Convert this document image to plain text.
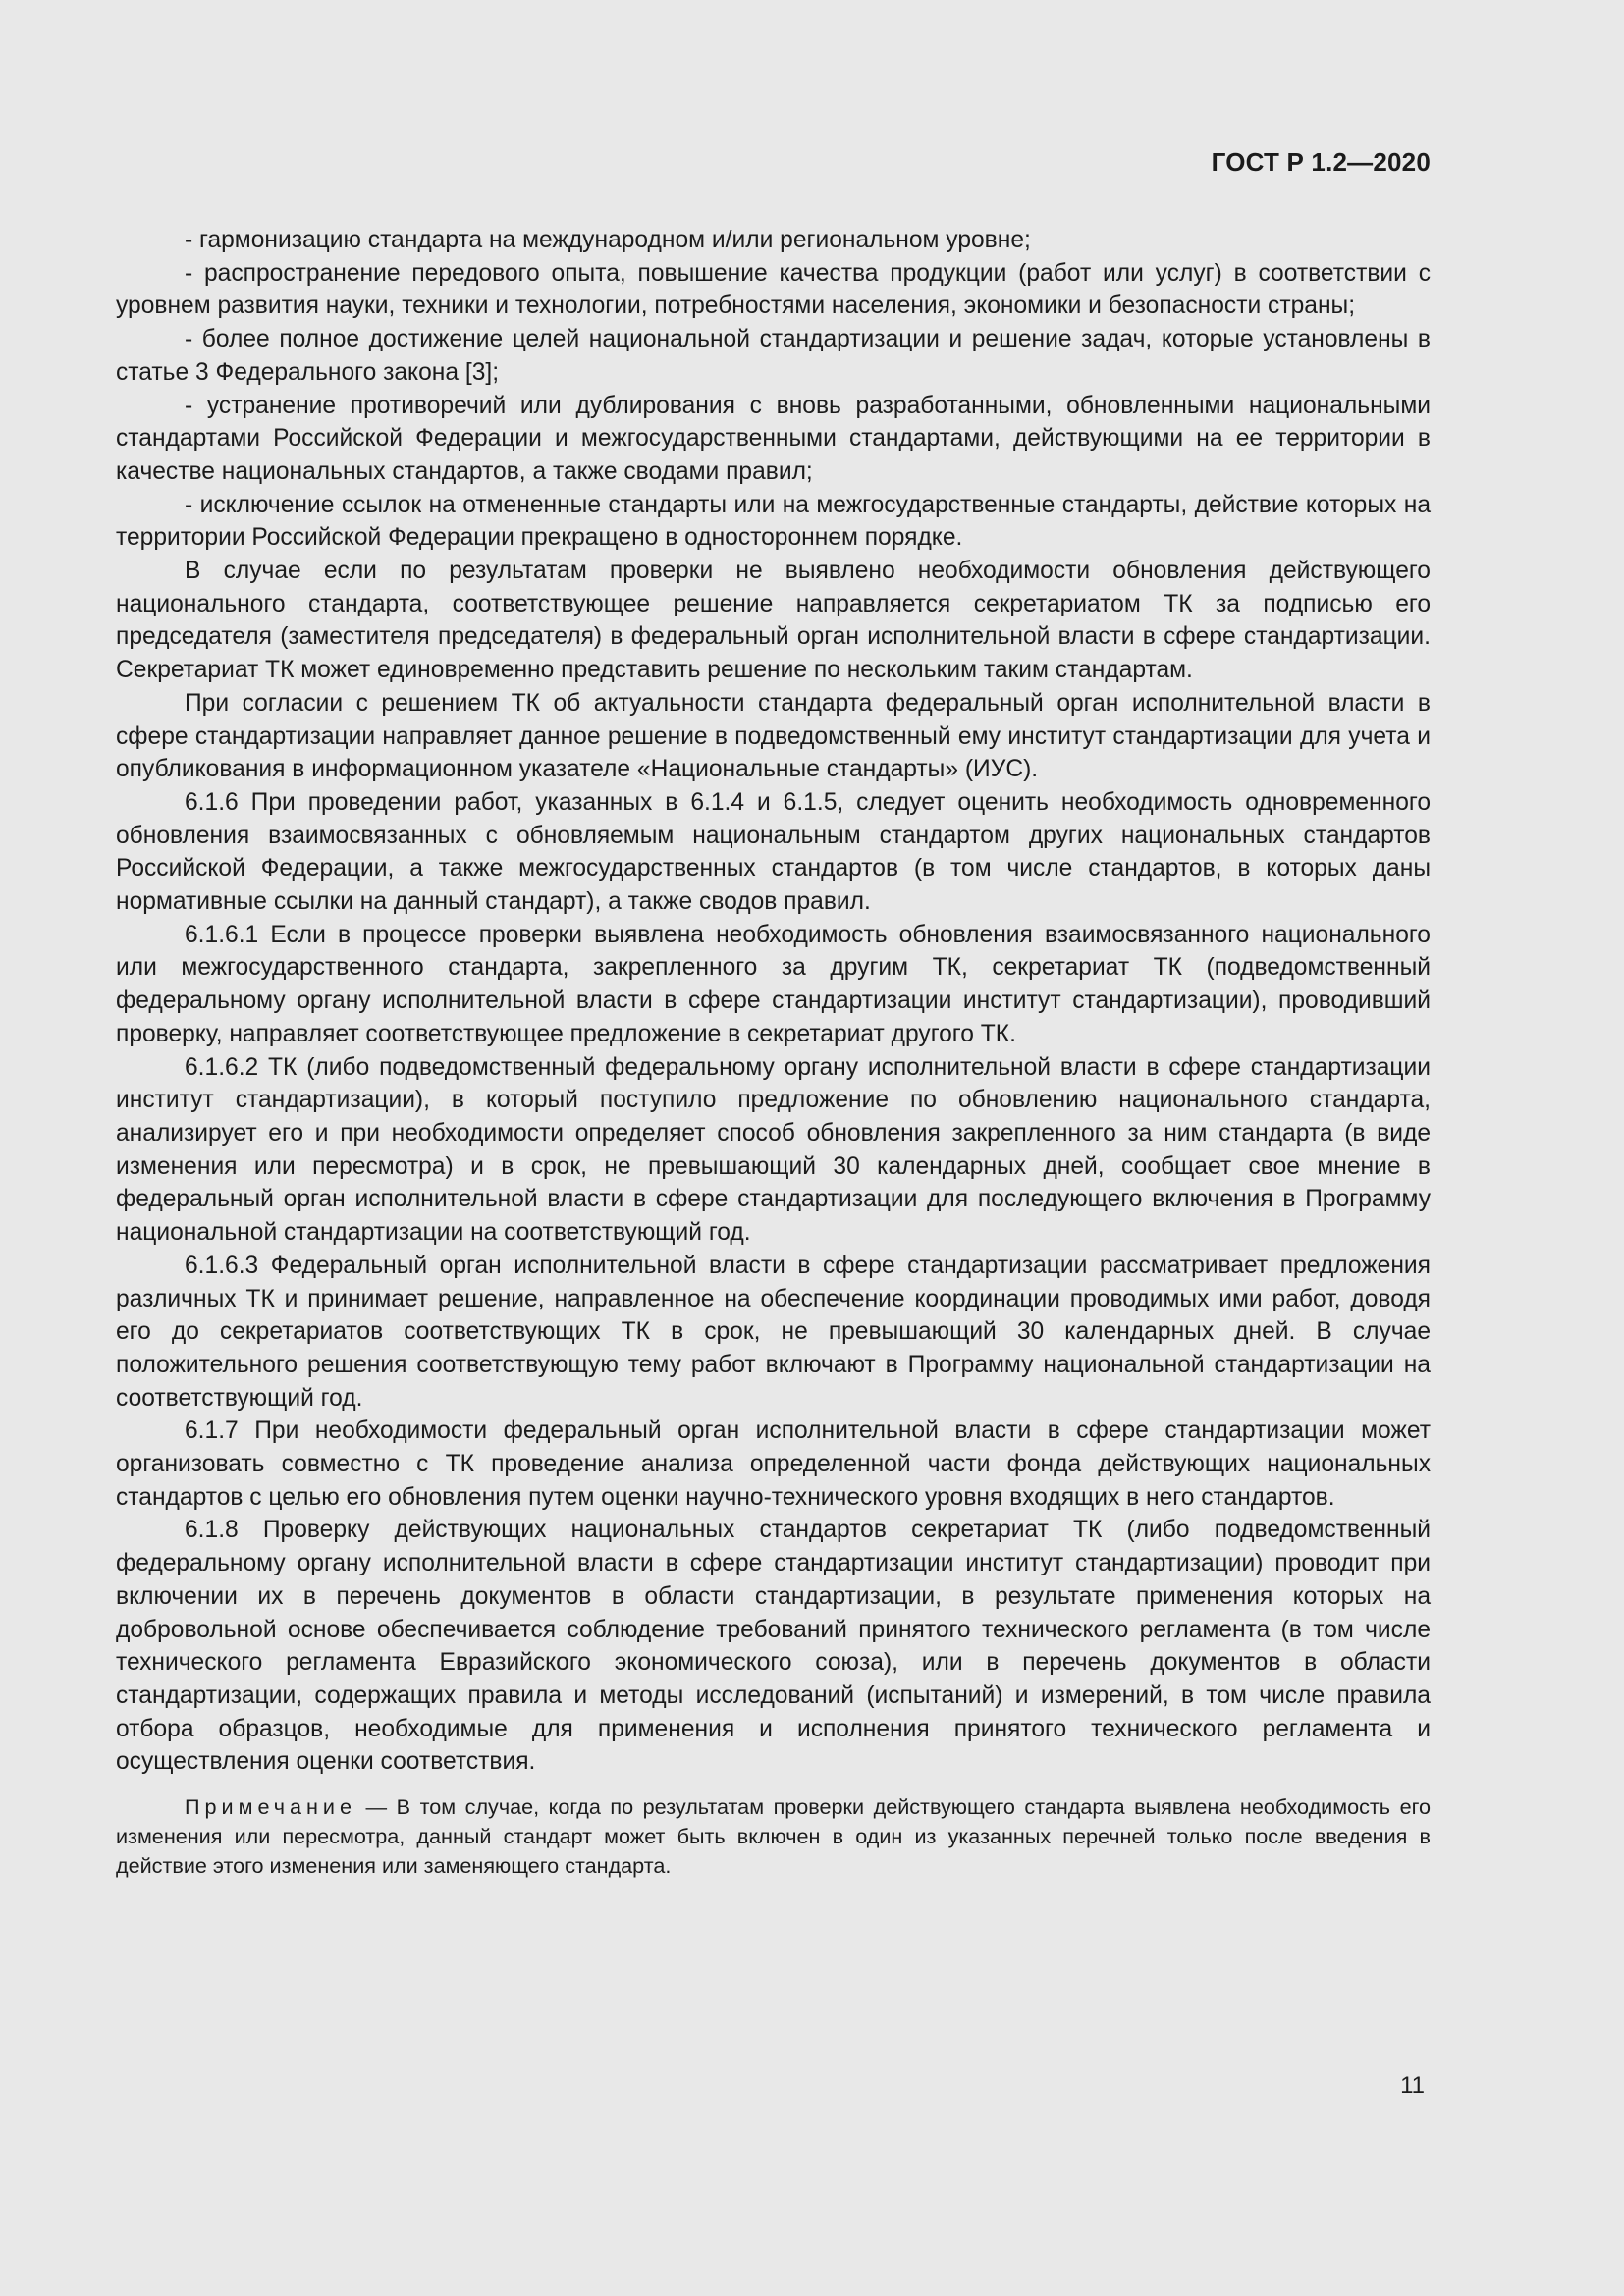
ГОСТ Р 1.2—2020

- гармонизацию стандарта на международном и/или региональном уровне;

- распространение передового опыта, повышение качества продукции (работ или услуг) в соответствии с уровнем развития науки, техники и технологии, потребностями населения, экономики и безопасности страны;

- более полное достижение целей национальной стандартизации и решение задач, которые установлены в статье 3 Федерального закона [3];

- устранение противоречий или дублирования с вновь разработанными, обновленными национальными стандартами Российской Федерации и межгосударственными стандартами, действующими на ее территории в качестве национальных стандартов, а также сводами правил;

- исключение ссылок на отмененные стандарты или на межгосударственные стандарты, действие которых на территории Российской Федерации прекращено в одностороннем порядке.

В случае если по результатам проверки не выявлено необходимости обновления действующего национального стандарта, соответствующее решение направляется секретариатом ТК за подписью его председателя (заместителя председателя) в федеральный орган исполнительной власти в сфере стандартизации. Секретариат ТК может единовременно представить решение по нескольким таким стандартам.

При согласии с решением ТК об актуальности стандарта федеральный орган исполнительной власти в сфере стандартизации направляет данное решение в подведомственный ему институт стандартизации для учета и опубликования в информационном указателе «Национальные стандарты» (ИУС).

6.1.6 При проведении работ, указанных в 6.1.4 и 6.1.5, следует оценить необходимость одновременного обновления взаимосвязанных с обновляемым национальным стандартом других национальных стандартов Российской Федерации, а также межгосударственных стандартов (в том числе стандартов, в которых даны нормативные ссылки на данный стандарт), а также сводов правил.

6.1.6.1 Если в процессе проверки выявлена необходимость обновления взаимосвязанного национального или межгосударственного стандарта, закрепленного за другим ТК, секретариат ТК (подведомственный федеральному органу исполнительной власти в сфере стандартизации институт стандартизации), проводивший проверку, направляет соответствующее предложение в секретариат другого ТК.

6.1.6.2 ТК (либо подведомственный федеральному органу исполнительной власти в сфере стандартизации институт стандартизации), в который поступило предложение по обновлению национального стандарта, анализирует его и при необходимости определяет способ обновления закрепленного за ним стандарта (в виде изменения или пересмотра) и в срок, не превышающий 30 календарных дней, сообщает свое мнение в федеральный орган исполнительной власти в сфере стандартизации для последующего включения в Программу национальной стандартизации на соответствующий год.

6.1.6.3 Федеральный орган исполнительной власти в сфере стандартизации рассматривает предложения различных ТК и принимает решение, направленное на обеспечение координации проводимых ими работ, доводя его до секретариатов соответствующих ТК в срок, не превышающий 30 календарных дней. В случае положительного решения соответствующую тему работ включают в Программу национальной стандартизации на соответствующий год.

6.1.7 При необходимости федеральный орган исполнительной власти в сфере стандартизации может организовать совместно с ТК проведение анализа определенной части фонда действующих национальных стандартов с целью его обновления путем оценки научно-технического уровня входящих в него стандартов.

6.1.8 Проверку действующих национальных стандартов секретариат ТК (либо подведомственный федеральному органу исполнительной власти в сфере стандартизации институт стандартизации) проводит при включении их в перечень документов в области стандартизации, в результате применения которых на добровольной основе обеспечивается соблюдение требований принятого технического регламента (в том числе технического регламента Евразийского экономического союза), или в перечень документов в области стандартизации, содержащих правила и методы исследований (испытаний) и измерений, в том числе правила отбора образцов, необходимые для применения и исполнения принятого технического регламента и осуществления оценки соответствия.

Примечание — В том случае, когда по результатам проверки действующего стандарта выявлена необходимость его изменения или пересмотра, данный стандарт может быть включен в один из указанных перечней только после введения в действие этого изменения или заменяющего стандарта.

11
